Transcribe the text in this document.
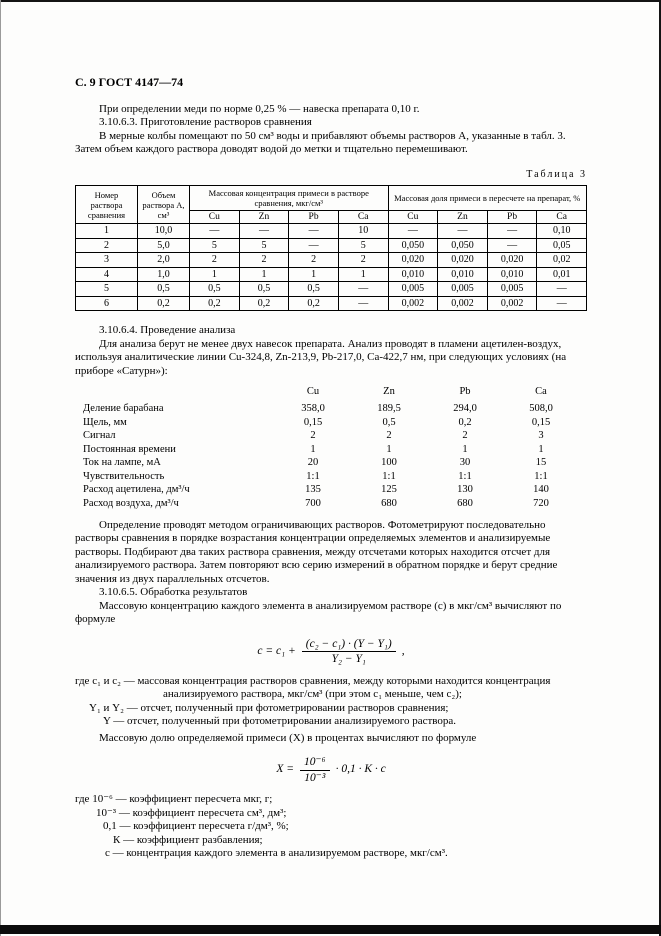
С. 9 ГОСТ 4147—74

При определении меди по норме 0,25 % — навеска препарата 0,10 г.

3.10.6.3. Приготовление растворов сравнения

В мерные колбы помещают по 50 см³ воды и прибавляют объемы растворов А, указанные в табл. 3. Затем объем каждого раствора доводят водой до метки и тщательно перемешивают.

Таблица 3
Номер раствора сравнения	Объем раствора А, см³	Массовая концентрация примеси в растворе сравнения, мкг/см³				Массовая доля примеси в пересчете на препарат, %			
		Cu	Zn	Pb	Ca	Cu	Zn	Pb	Ca
1	10,0	—	—	—	10	—	—	—	0,10
2	5,0	5	5	—	5	0,050	0,050	—	0,05
3	2,0	2	2	2	2	0,020	0,020	0,020	0,02
4	1,0	1	1	1	1	0,010	0,010	0,010	0,01
5	0,5	0,5	0,5	0,5	—	0,005	0,005	0,005	—
6	0,2	0,2	0,2	0,2	—	0,002	0,002	0,002	—

3.10.6.4. Проведение анализа

Для анализа берут не менее двух навесок препарата. Анализ проводят в пламени ацетилен-воздух, используя аналитические линии Cu-324,8, Zn-213,9, Pb-217,0, Ca-422,7 нм, при следующих условиях (на приборе «Сатурн»):

	Cu	Zn	Pb	Ca
Деление барабана	358,0	189,5	294,0	508,0
Щель, мм	0,15	0,5	0,2	0,15
Сигнал	2	2	2	3
Постоянная времени	1	1	1	1
Ток на лампе, мА	20	100	30	15
Чувствительность	1:1	1:1	1:1	1:1
Расход ацетилена, дм³/ч	135	125	130	140
Расход воздуха, дм³/ч	700	680	680	720

Определение проводят методом ограничивающих растворов. Фотометрируют последовательно растворы сравнения в порядке возрастания концентрации определяемых элементов и анализируемые растворы. Подбирают два таких раствора сравнения, между отсчетами которых находится отсчет для анализируемого раствора. Затем повторяют всю серию измерений в обратном порядке и берут средние значения из двух параллельных отсчетов.

3.10.6.5. Обработка результатов

Массовую концентрацию каждого элемента в анализируемом растворе (с) в мкг/см³ вычисляют по формуле

$с = с_1 + \frac{\text{(с₂ − с₁) · (Y − Y₁)}}{\text{Y₂ − Y₁}}$ ,

где с₁ и с₂ — массовая концентрация растворов сравнения, между которыми находится концентрация анализируемого раствора, мкг/см³ (при этом с₁ меньше, чем с₂);

Y₁ и Y₂ — отсчет, полученный при фотометрировании растворов сравнения;

Y — отсчет, полученный при фотометрировании анализируемого раствора.

Массовую долю определяемой примеси (Х) в процентах вычисляют по формуле

$X = \frac{\text{10⁻⁶}}{\text{10⁻³}} \cdot 0,1 \cdot К \cdot с$

где 10⁻⁶ — коэффициент пересчета мкг, г;

10⁻³ — коэффициент пересчета см³, дм³;

0,1 — коэффициент пересчета г/дм³, %;

К — коэффициент разбавления;

с — концентрация каждого элемента в анализируемом растворе, мкг/см³.
